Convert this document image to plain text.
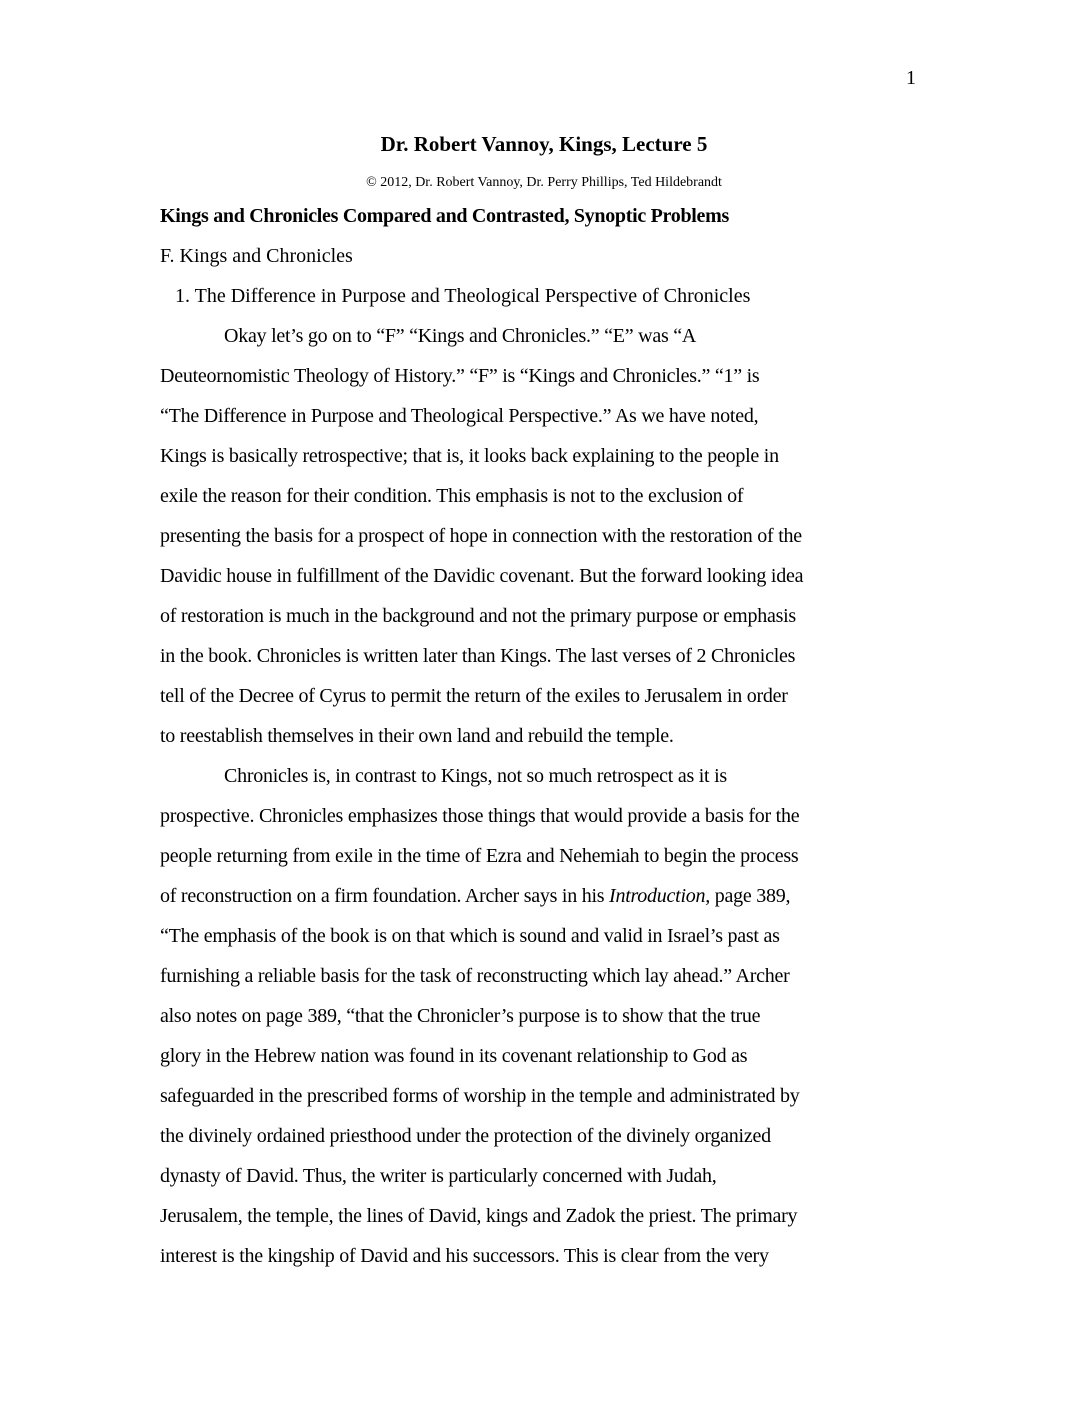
1
Dr. Robert Vannoy, Kings, Lecture 5
© 2012, Dr. Robert Vannoy, Dr. Perry Phillips, Ted Hildebrandt
Kings and Chronicles Compared and Contrasted, Synoptic Problems
F. Kings and Chronicles
1. The Difference in Purpose and Theological Perspective of Chronicles
Okay let’s go on to “F” “Kings and Chronicles.” “E” was “A
Deuteornomistic Theology of History.” “F” is “Kings and Chronicles.” “1” is
“The Difference in Purpose and Theological Perspective.” As we have noted,
Kings is basically retrospective; that is, it looks back explaining to the people in
exile the reason for their condition. This emphasis is not to the exclusion of
presenting the basis for a prospect of hope in connection with the restoration of the
Davidic house in fulfillment of the Davidic covenant. But the forward looking idea
of restoration is much in the background and not the primary purpose or emphasis
in the book. Chronicles is written later than Kings. The last verses of 2 Chronicles
tell of the Decree of Cyrus to permit the return of the exiles to Jerusalem in order
to reestablish themselves in their own land and rebuild the temple.
Chronicles is, in contrast to Kings, not so much retrospect as it is
prospective. Chronicles emphasizes those things that would provide a basis for the
people returning from exile in the time of Ezra and Nehemiah to begin the process
of reconstruction on a firm foundation. Archer says in his Introduction, page 389,
“The emphasis of the book is on that which is sound and valid in Israel’s past as
furnishing a reliable basis for the task of reconstructing which lay ahead.” Archer
also notes on page 389, “that the Chronicler’s purpose is to show that the true
glory in the Hebrew nation was found in its covenant relationship to God as
safeguarded in the prescribed forms of worship in the temple and administrated by
the divinely ordained priesthood under the protection of the divinely organized
dynasty of David. Thus, the writer is particularly concerned with Judah,
Jerusalem, the temple, the lines of David, kings and Zadok the priest. The primary
interest is the kingship of David and his successors. This is clear from the very
